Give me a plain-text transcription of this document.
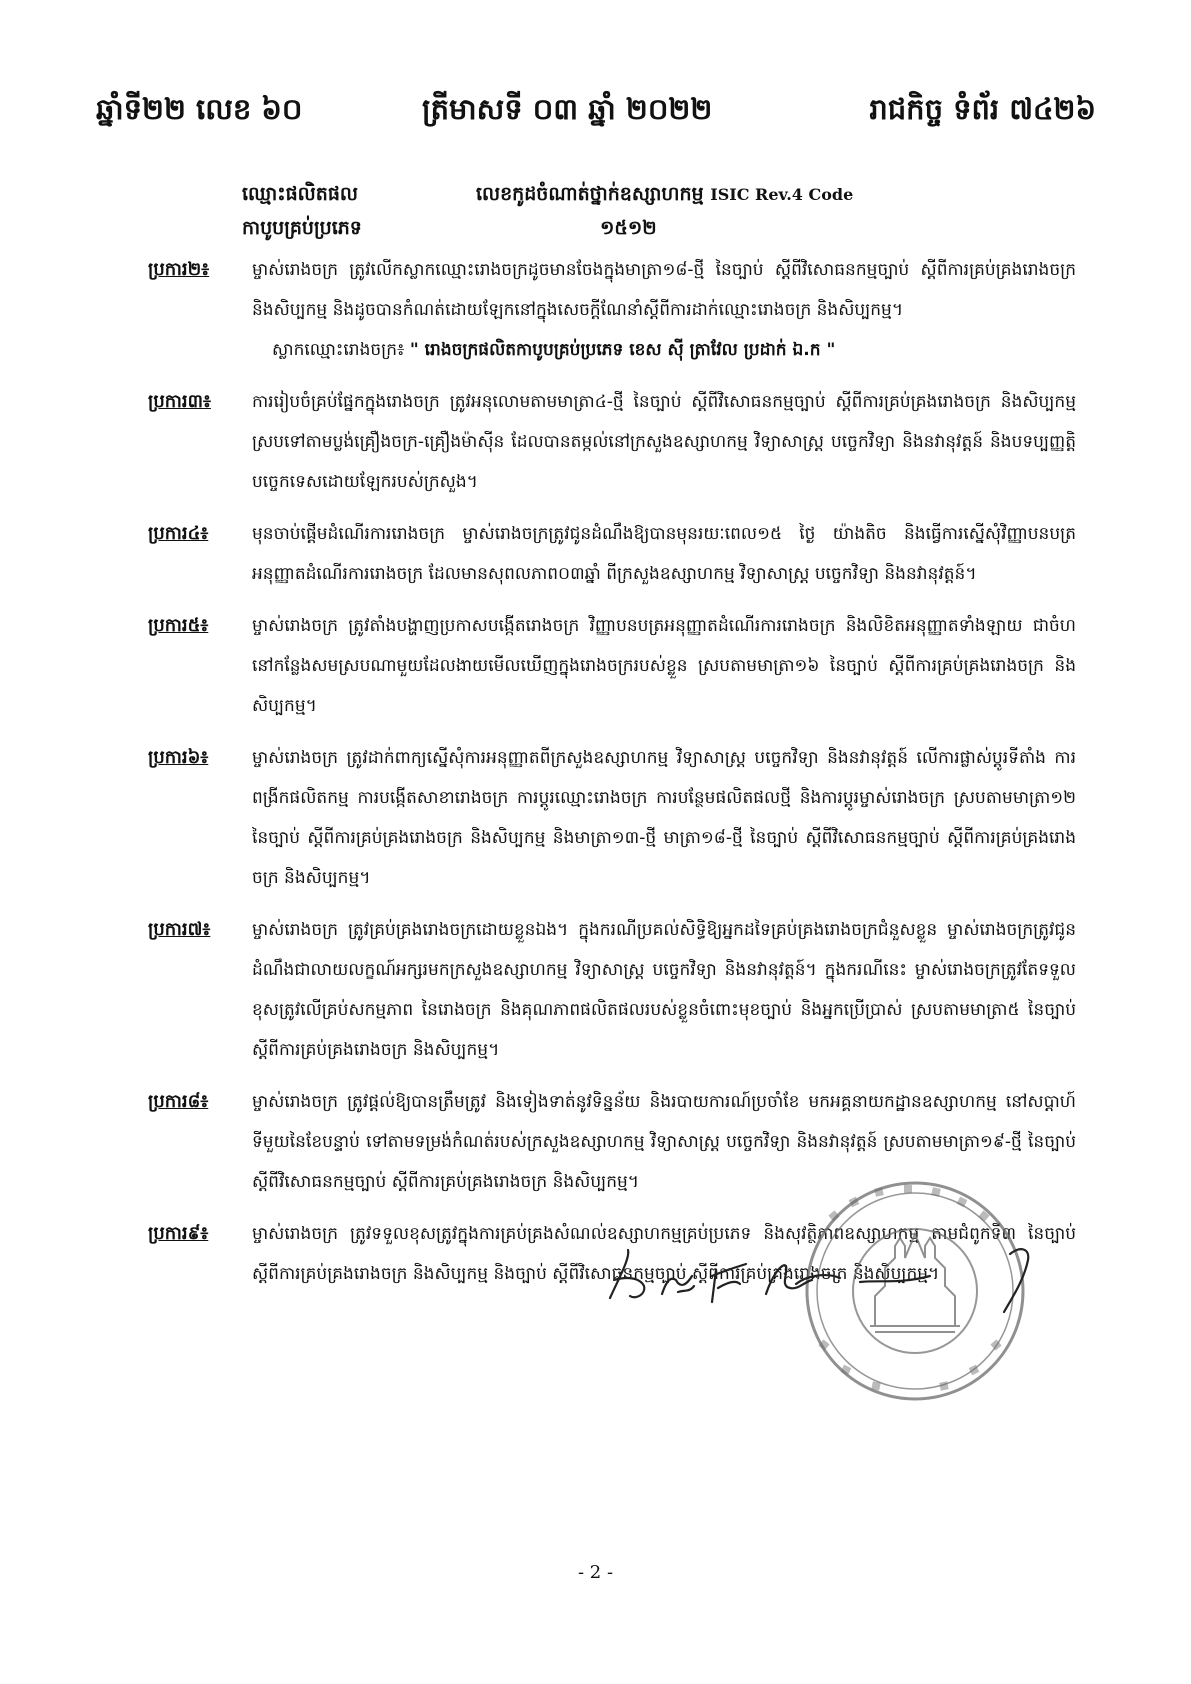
ឆ្នាំទី២២ លេខ ៦០	ត្រីមាសទី ០៣ ឆ្នាំ ២០២២	រាជកិច្ច ទំព័រ ៧៤២៦
ឈ្មោះផលិតផល	លេខកូដចំណាត់ថ្នាក់ឧស្សាហកម្ម ISIC Rev.4 Code
កាបូបគ្រប់ប្រភេទ	១៥១២
ប្រការ២៖	ម្ចាស់រោងចក្រ ត្រូវលើកស្លាកឈ្មោះរោងចក្រដូចមានចែងក្នុងមាត្រា១៨-ថ្មី នៃច្បាប់ ស្តីពីវិសោធនកម្មច្បាប់ ស្តីពីការគ្រប់គ្រងរោងចក្រ និងសិប្បកម្ម និងដូចបានកំណត់ដោយឡែកនៅក្នុងសេចក្តីណែនាំស្តីពីការដាក់ឈ្មោះរោងចក្រ និងសិប្បកម្ម។
ស្លាកឈ្មោះរោងចក្រ៖ " រោងចក្រផលិតកាបូបគ្រប់ប្រភេទ ខេស ស៊ី ត្រាវែល ប្រដាក់ ឯ.ក "
ប្រការ៣៖	ការរៀបចំគ្រប់ផ្នែកក្នុងរោងចក្រ ត្រូវអនុលោមតាមមាត្រា៤-ថ្មី នៃច្បាប់ ស្តីពីវិសោធនកម្មច្បាប់ ស្តីពីការគ្រប់គ្រងរោងចក្រ និងសិប្បកម្ម ស្របទៅតាមប្លង់គ្រឿងចក្រ-គ្រឿងម៉ាស៊ីន ដែលបានតម្កល់នៅក្រសួងឧស្សាហកម្ម វិទ្យាសាស្ត្រ បច្ចេកវិទ្យា និងនវានុវត្តន៍ និងបទប្បញ្ញត្តិបច្ចេកទេសដោយឡែករបស់ក្រសួង។
ប្រការ៤៖	មុនចាប់ផ្តើមដំណើរការរោងចក្រ ម្ចាស់រោងចក្រត្រូវជូនដំណឹងឱ្យបានមុនរយៈពេល១៥ ថ្ងៃ យ៉ាងតិច និងធ្វើការស្នើសុំវិញ្ញាបនបត្រអនុញ្ញាតដំណើរការរោងចក្រ ដែលមានសុពលភាព០៣ឆ្នាំ ពីក្រសួងឧស្សាហកម្ម វិទ្យាសាស្ត្រ បច្ចេកវិទ្យា និងនវានុវត្តន៍។
ប្រការ៥៖	ម្ចាស់រោងចក្រ ត្រូវតាំងបង្ហាញប្រកាសបង្កើតរោងចក្រ វិញ្ញាបនបត្រអនុញ្ញាតដំណើរការរោងចក្រ និងលិខិតអនុញ្ញាតទាំងឡាយ ជាចំហនៅកន្លែងសមស្របណាមួយដែលងាយមើលឃើញក្នុងរោងចក្ររបស់ខ្លួន ស្របតាមមាត្រា១៦ នៃច្បាប់ ស្តីពីការគ្រប់គ្រងរោងចក្រ និងសិប្បកម្ម។
ប្រការ៦៖	ម្ចាស់រោងចក្រ ត្រូវដាក់ពាក្យស្នើសុំការអនុញ្ញាតពីក្រសួងឧស្សាហកម្ម វិទ្យាសាស្ត្រ បច្ចេកវិទ្យា និងនវានុវត្តន៍ លើការផ្លាស់ប្តូរទីតាំង ការពង្រីកផលិតកម្ម ការបង្កើតសាខារោងចក្រ ការប្តូរឈ្មោះរោងចក្រ ការបន្ថែមផលិតផលថ្មី និងការប្តូរម្ចាស់រោងចក្រ ស្របតាមមាត្រា១២ នៃច្បាប់ ស្តីពីការគ្រប់គ្រងរោងចក្រ និងសិប្បកម្ម និងមាត្រា១៣-ថ្មី មាត្រា១៨-ថ្មី នៃច្បាប់ ស្តីពីវិសោធនកម្មច្បាប់ ស្តីពីការគ្រប់គ្រងរោងចក្រ និងសិប្បកម្ម។
ប្រការ៧៖	ម្ចាស់រោងចក្រ ត្រូវគ្រប់គ្រងរោងចក្រដោយខ្លួនឯង។ ក្នុងករណីប្រគល់សិទ្ធិឱ្យអ្នកដទៃគ្រប់គ្រងរោងចក្រជំនួសខ្លួន ម្ចាស់រោងចក្រត្រូវជូនដំណឹងជាលាយលក្ខណ៍អក្សរមកក្រសួងឧស្សាហកម្ម វិទ្យាសាស្ត្រ បច្ចេកវិទ្យា និងនវានុវត្តន៍។ ក្នុងករណីនេះ ម្ចាស់រោងចក្រត្រូវតែទទួលខុសត្រូវលើគ្រប់សកម្មភាព នៃរោងចក្រ និងគុណភាពផលិតផលរបស់ខ្លួនចំពោះមុខច្បាប់ និងអ្នកប្រើប្រាស់ ស្របតាមមាត្រា៥ នៃច្បាប់ ស្តីពីការគ្រប់គ្រងរោងចក្រ និងសិប្បកម្ម។
ប្រការ៨៖	ម្ចាស់រោងចក្រ ត្រូវផ្តល់ឱ្យបានត្រឹមត្រូវ និងទៀងទាត់នូវទិន្នន័យ និងរបាយការណ៍ប្រចាំខែ មកអគ្គនាយកដ្ឋានឧស្សាហកម្ម នៅសប្តាហ៍ទីមួយនៃខែបន្ទាប់ ទៅតាមទម្រង់កំណត់របស់ក្រសួងឧស្សាហកម្ម វិទ្យាសាស្ត្រ បច្ចេកវិទ្យា និងនវានុវត្តន៍ ស្របតាមមាត្រា១៩-ថ្មី នៃច្បាប់ ស្តីពីវិសោធនកម្មច្បាប់ ស្តីពីការគ្រប់គ្រងរោងចក្រ និងសិប្បកម្ម។
ប្រការ៩៖	ម្ចាស់រោងចក្រ ត្រូវទទួលខុសត្រូវក្នុងការគ្រប់គ្រងសំណល់ឧស្សាហកម្មគ្រប់ប្រភេទ និងសុវត្ថិភាពឧស្សាហកម្ម តាមជំពូកទី៣ នៃច្បាប់ ស្តីពីការគ្រប់គ្រងរោងចក្រ និងសិប្បកម្ម និងច្បាប់ ស្តីពីវិសោធនកម្មច្បាប់ ស្តីពីការគ្រប់គ្រងរោងចក្រ និងសិប្បកម្ម។
- 2 -
